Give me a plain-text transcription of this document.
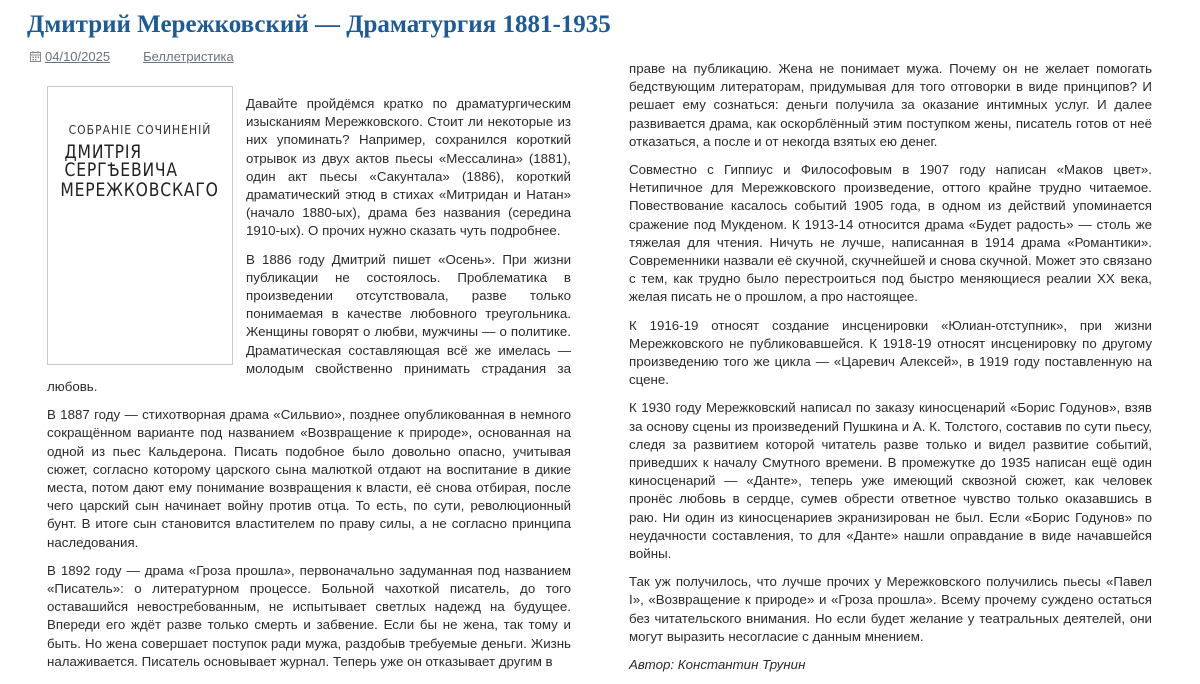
Дмитрий Мережковский — Драматургия 1881-1935
04/10/2025	Беллетристика
СОБРАНІЕ СОЧИНЕНІЙ
ДМИТРІЯ СЕРГѢЕВИЧА
МЕРЕЖКОВСКАГО

Давайте пройдёмся кратко по драматургическим изысканиям Мережковского. Стоит ли некоторые из них упоминать? Например, сохранился короткий отрывок из двух актов пьесы «Мессалина» (1881), один акт пьесы «Сакунтала» (1886), короткий драматический этюд в стихах «Митридан и Натан» (начало 1880-ых), драма без названия (середина 1910-ых). О прочих нужно сказать чуть подробнее.

В 1886 году Дмитрий пишет «Осень». При жизни публикации не состоялось. Проблематика в произведении отсутствовала, разве только понимаемая в качестве любовного треугольника. Женщины говорят о любви, мужчины — о политике. Драматическая составляющая всё же имелась — молодым свойственно принимать страдания за любовь.

В 1887 году — стихотворная драма «Сильвио», позднее опубликованная в немного сокращённом варианте под названием «Возвращение к природе», основанная на одной из пьес Кальдерона. Писать подобное было довольно опасно, учитывая сюжет, согласно которому царского сына малюткой отдают на воспитание в дикие места, потом дают ему понимание возвращения к власти, её снова отбирая, после чего царский сын начинает войну против отца. То есть, по сути, революционный бунт. В итоге сын становится властителем по праву силы, а не согласно принципа наследования.

В 1892 году — драма «Гроза прошла», первоначально задуманная под названием «Писатель»: о литературном процессе. Больной чахоткой писатель, до того оставашийся невостребованным, не испытывает светлых надежд на будущее. Впереди его ждёт разве только смерть и забвение. Если бы не жена, так тому и быть. Но жена совершает поступок ради мужа, раздобыв требуемые деньги. Жизнь налаживается. Писатель основывает журнал. Теперь уже он отказывает другим в

праве на публикацию. Жена не понимает мужа. Почему он не желает помогать бедствующим литераторам, придумывая для того отговорки в виде принципов? И решает ему сознаться: деньги получила за оказание интимных услуг. И далее развивается драма, как оскорблённый этим поступком жены, писатель готов от неё отказаться, а после и от некогда взятых ею денег.

Совместно с Гиппиус и Философовым в 1907 году написан «Маков цвет». Нетипичное для Мережковского произведение, оттого крайне трудно читаемое. Повествование касалось событий 1905 года, в одном из действий упоминается сражение под Мукденом. К 1913-14 относится драма «Будет радость» — столь же тяжелая для чтения. Ничуть не лучше, написанная в 1914 драма «Романтики». Современники назвали её скучной, скучнейшей и снова скучной. Может это связано с тем, как трудно было перестроиться под быстро меняющиеся реалии XX века, желая писать не о прошлом, а про настоящее.

К 1916-19 относят создание инсценировки «Юлиан-отступник», при жизни Мережковского не публиковавшейся. К 1918-19 относят инсценировку по другому произведению того же цикла — «Царевич Алексей», в 1919 году поставленную на сцене.

К 1930 году Мережковский написал по заказу киносценарий «Борис Годунов», взяв за основу сцены из произведений Пушкина и А. К. Толстого, составив по сути пьесу, следя за развитием которой читатель разве только и видел развитие событий, приведших к началу Смутного времени. В промежутке до 1935 написан ещё один киносценарий — «Данте», теперь уже имеющий сквозной сюжет, как человек пронёс любовь в сердце, сумев обрести ответное чувство только оказавшись в раю. Ни один из киносценариев экранизирован не был. Если «Борис Годунов» по неудачности составления, то для «Данте» нашли оправдание в виде начавшейся войны.

Так уж получилось, что лучше прочих у Мережковского получились пьесы «Павел I», «Возвращение к природе» и «Гроза прошла». Всему прочему суждено остаться без читательского внимания. Но если будет желание у театральных деятелей, они могут выразить несогласие с данным мнением.

Автор: Константин Трунин
